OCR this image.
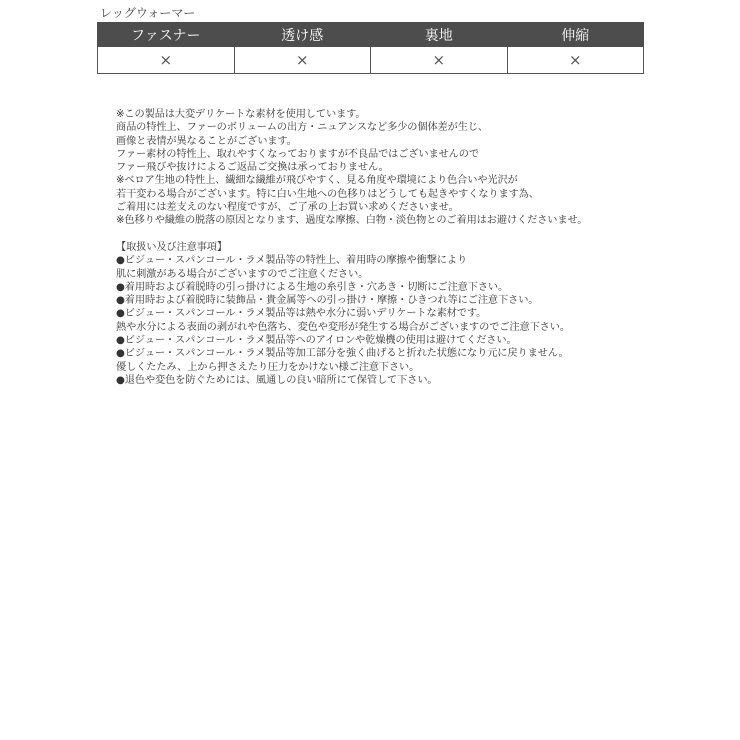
レッグウォーマー
ファスナー	透け感	裏地	伸縮
×	×	×	×
※この製品は大変デリケートな素材を使用しています。
商品の特性上、ファーのボリュームの出方・ニュアンスなど多少の個体差が生じ、
画像と表情が異なることがございます。
ファー素材の特性上、取れやすくなっておりますが不良品ではございませんので
ファー飛びや抜けによるご返品ご交換は承っておりません。
※ベロア生地の特性上、繊細な繊維が飛びやすく、見る角度や環境により色合いや光沢が
若干変わる場合がございます。特に白い生地への色移りはどうしても起きやすくなります為、
ご着用には差支えのない程度ですが、ご了承の上お買い求めくださいませ。
※色移りや繊維の脱落の原因となります、過度な摩擦、白物・淡色物とのご着用はお避けくださいませ。
【取扱い及び注意事項】
●ビジュー・スパンコール・ラメ製品等の特性上、着用時の摩擦や衝撃により
肌に刺激がある場合がございますのでご注意ください。
●着用時および着脱時の引っ掛けによる生地の糸引き・穴あき・切断にご注意下さい。
●着用時および着脱時に装飾品・貴金属等への引っ掛け・摩擦・ひきつれ等にご注意下さい。
●ビジュー・スパンコール・ラメ製品等は熱や水分に弱いデリケートな素材です。
熱や水分による表面の剥がれや色落ち、変色や変形が発生する場合がございますのでご注意下さい。
●ビジュー・スパンコール・ラメ製品等へのアイロンや乾燥機の使用は避けてください。
●ビジュー・スパンコール・ラメ製品等加工部分を強く曲げると折れた状態になり元に戻りません。
優しくたたみ、上から押さえたり圧力をかけない様ご注意下さい。
●退色や変色を防ぐためには、風通しの良い暗所にて保管して下さい。
